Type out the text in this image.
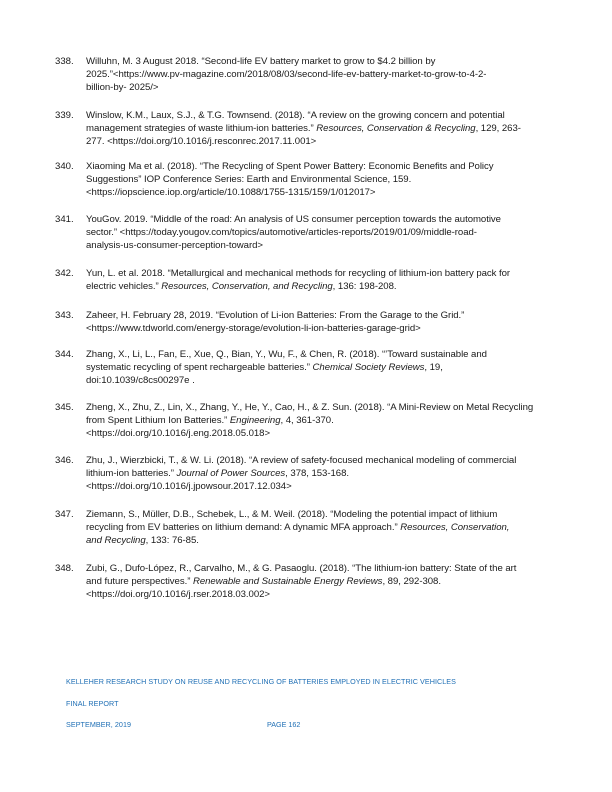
338.	Willuhn, M. 3 August 2018. “Second-life EV battery market to grow to $4.2 billion by
2025.”<https://www.pv-magazine.com/2018/08/03/second-life-ev-battery-market-to-grow-to-4-2-
billion-by- 2025/>
339.	Winslow, K.M., Laux, S.J., & T.G. Townsend. (2018). “A review on the growing concern and potential
management strategies of waste lithium-ion batteries.” Resources, Conservation & Recycling, 129, 263-
277. <https://doi.org/10.1016/j.resconrec.2017.11.001>
340.	Xiaoming Ma et al. (2018). “The Recycling of Spent Power Battery: Economic Benefits and Policy
Suggestions” IOP Conference Series: Earth and Environmental Science, 159.
<https://iopscience.iop.org/article/10.1088/1755-1315/159/1/012017>
341.	YouGov. 2019. “Middle of the road: An analysis of US consumer perception towards the automotive
sector.” <https://today.yougov.com/topics/automotive/articles-reports/2019/01/09/middle-road-
analysis-us-consumer-perception-toward>
342.	Yun, L. et al. 2018. “Metallurgical and mechanical methods for recycling of lithium-ion battery pack for
electric vehicles.” Resources, Conservation, and Recycling, 136: 198-208.
343.	Zaheer, H. February 28, 2019. “Evolution of Li-ion Batteries: From the Garage to the Grid.”
<https://www.tdworld.com/energy-storage/evolution-li-ion-batteries-garage-grid>
344.	Zhang, X., Li, L., Fan, E., Xue, Q., Bian, Y., Wu, F., & Chen, R. (2018). “’Toward sustainable and
systematic recycling of spent rechargeable batteries.” Chemical Society Reviews, 19,
doi:10.1039/c8cs00297e .
345.	Zheng, X., Zhu, Z., Lin, X., Zhang, Y., He, Y., Cao, H., & Z. Sun. (2018). “A Mini-Review on Metal Recycling
from Spent Lithium Ion Batteries.” Engineering, 4, 361-370.
<https://doi.org/10.1016/j.eng.2018.05.018>
346.	Zhu, J., Wierzbicki, T., & W. Li. (2018). “A review of safety-focused mechanical modeling of commercial
lithium-ion batteries.” Journal of Power Sources, 378, 153-168.
<https://doi.org/10.1016/j.jpowsour.2017.12.034>
347.	Ziemann, S., Müller, D.B., Schebek, L., & M. Weil. (2018). “Modeling the potential impact of lithium
recycling from EV batteries on lithium demand: A dynamic MFA approach.” Resources, Conservation,
and Recycling, 133: 76-85.
348.	Zubi, G., Dufo-López, R., Carvalho, M., & G. Pasaoglu. (2018). “The lithium-ion battery: State of the art
and future perspectives.” Renewable and Sustainable Energy Reviews, 89, 292-308.
<https://doi.org/10.1016/j.rser.2018.03.002>
KELLEHER RESEARCH STUDY ON REUSE AND RECYCLING OF BATTERIES EMPLOYED IN ELECTRIC VEHICLES
FINAL REPORT
SEPTEMBER, 2019	PAGE 162
